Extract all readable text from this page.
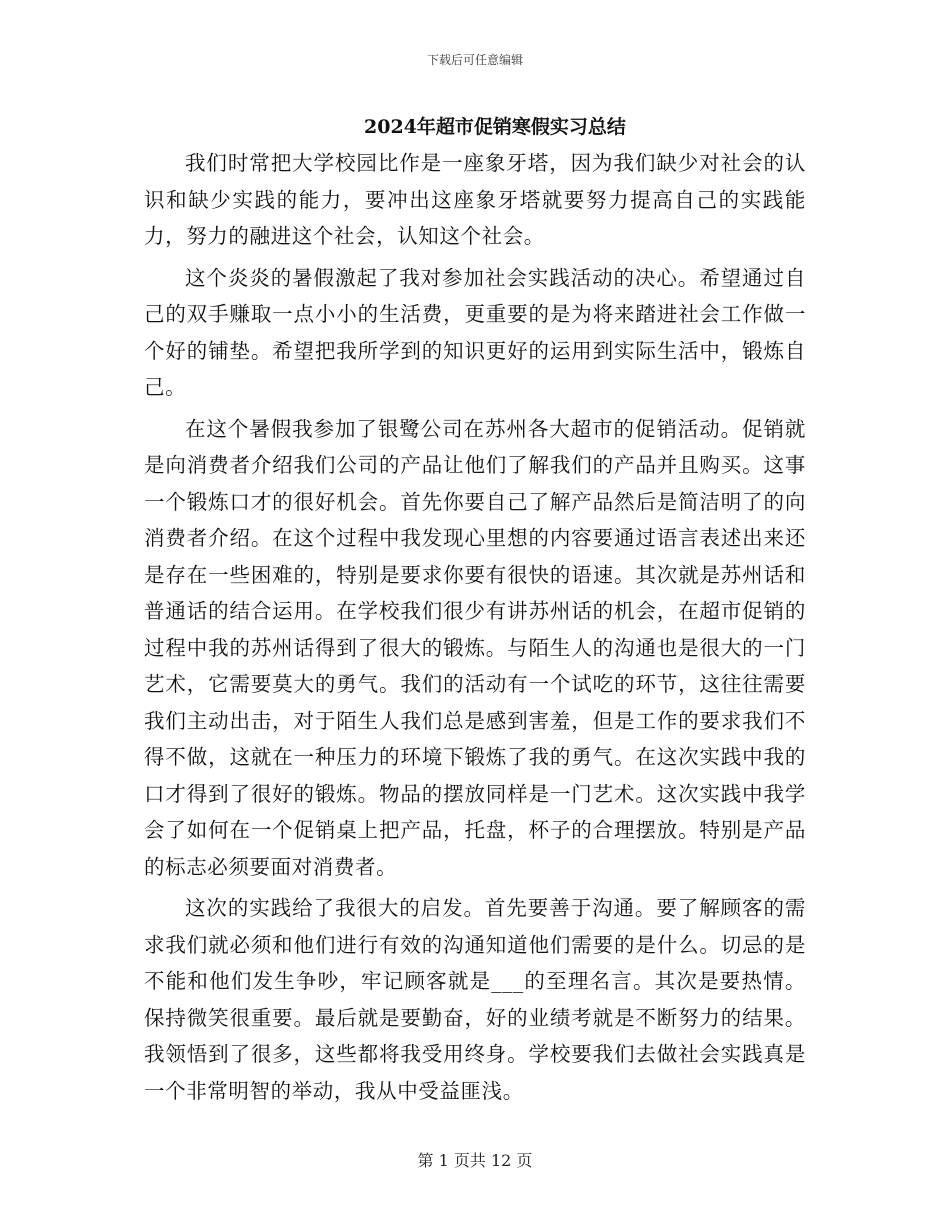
下载后可任意编辑
2024年超市促销寒假实习总结

我们时常把大学校园比作是一座象牙塔，因为我们缺少对社会的认识和缺少实践的能力，要冲出这座象牙塔就要努力提高自己的实践能力，努力的融进这个社会，认知这个社会。

这个炎炎的暑假激起了我对参加社会实践活动的决心。希望通过自己的双手赚取一点小小的生活费，更重要的是为将来踏进社会工作做一个好的铺垫。希望把我所学到的知识更好的运用到实际生活中，锻炼自己。

在这个暑假我参加了银鹭公司在苏州各大超市的促销活动。促销就是向消费者介绍我们公司的产品让他们了解我们的产品并且购买。这事一个锻炼口才的很好机会。首先你要自己了解产品然后是简洁明了的向消费者介绍。在这个过程中我发现心里想的内容要通过语言表述出来还是存在一些困难的，特别是要求你要有很快的语速。其次就是苏州话和普通话的结合运用。在学校我们很少有讲苏州话的机会，在超市促销的过程中我的苏州话得到了很大的锻炼。与陌生人的沟通也是很大的一门艺术，它需要莫大的勇气。我们的活动有一个试吃的环节，这往往需要我们主动出击，对于陌生人我们总是感到害羞，但是工作的要求我们不得不做，这就在一种压力的环境下锻炼了我的勇气。在这次实践中我的口才得到了很好的锻炼。物品的摆放同样是一门艺术。这次实践中我学会了如何在一个促销桌上把产品，托盘，杯子的合理摆放。特别是产品的标志必须要面对消费者。

这次的实践给了我很大的启发。首先要善于沟通。要了解顾客的需求我们就必须和他们进行有效的沟通知道他们需要的是什么。切忌的是不能和他们发生争吵，牢记顾客就是___的至理名言。其次是要热情。保持微笑很重要。最后就是要勤奋，好的业绩考就是不断努力的结果。我领悟到了很多，这些都将我受用终身。学校要我们去做社会实践真是一个非常明智的举动，我从中受益匪浅。

第 1 页共 12 页
